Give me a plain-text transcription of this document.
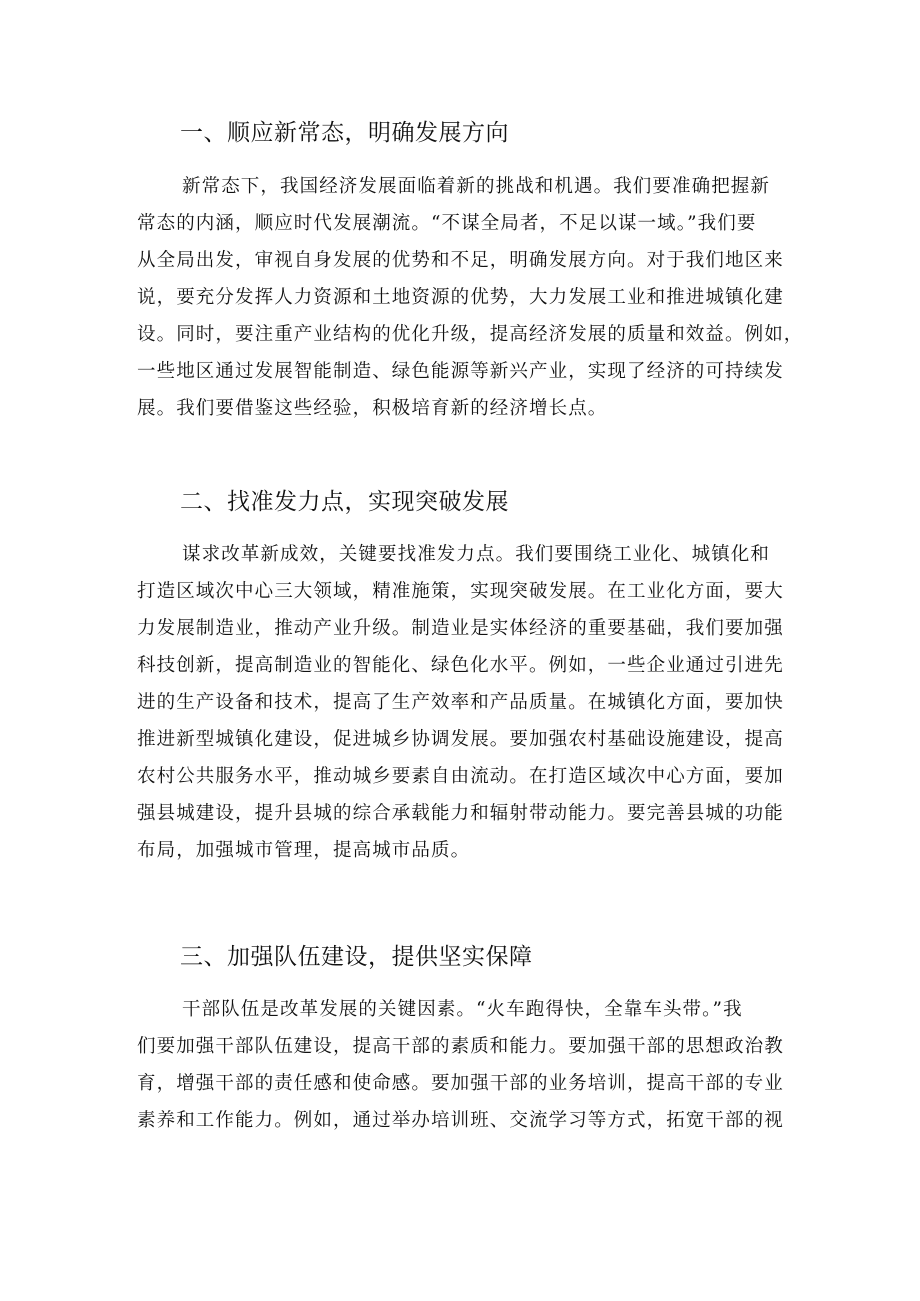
一、顺应新常态，明确发展方向
新常态下，我国经济发展面临着新的挑战和机遇。我们要准确把握新
常态的内涵，顺应时代发展潮流。“不谋全局者，不足以谋一域。”我们要
从全局出发，审视自身发展的优势和不足，明确发展方向。对于我们地区来
说，要充分发挥人力资源和土地资源的优势，大力发展工业和推进城镇化建
设。同时，要注重产业结构的优化升级，提高经济发展的质量和效益。例如，
一些地区通过发展智能制造、绿色能源等新兴产业，实现了经济的可持续发
展。我们要借鉴这些经验，积极培育新的经济增长点。
二、找准发力点，实现突破发展
谋求改革新成效，关键要找准发力点。我们要围绕工业化、城镇化和
打造区域次中心三大领域，精准施策，实现突破发展。在工业化方面，要大
力发展制造业，推动产业升级。制造业是实体经济的重要基础，我们要加强
科技创新，提高制造业的智能化、绿色化水平。例如，一些企业通过引进先
进的生产设备和技术，提高了生产效率和产品质量。在城镇化方面，要加快
推进新型城镇化建设，促进城乡协调发展。要加强农村基础设施建设，提高
农村公共服务水平，推动城乡要素自由流动。在打造区域次中心方面，要加
强县城建设，提升县城的综合承载能力和辐射带动能力。要完善县城的功能
布局，加强城市管理，提高城市品质。
三、加强队伍建设，提供坚实保障
干部队伍是改革发展的关键因素。“火车跑得快，全靠车头带。”我
们要加强干部队伍建设，提高干部的素质和能力。要加强干部的思想政治教
育，增强干部的责任感和使命感。要加强干部的业务培训，提高干部的专业
素养和工作能力。例如，通过举办培训班、交流学习等方式，拓宽干部的视
